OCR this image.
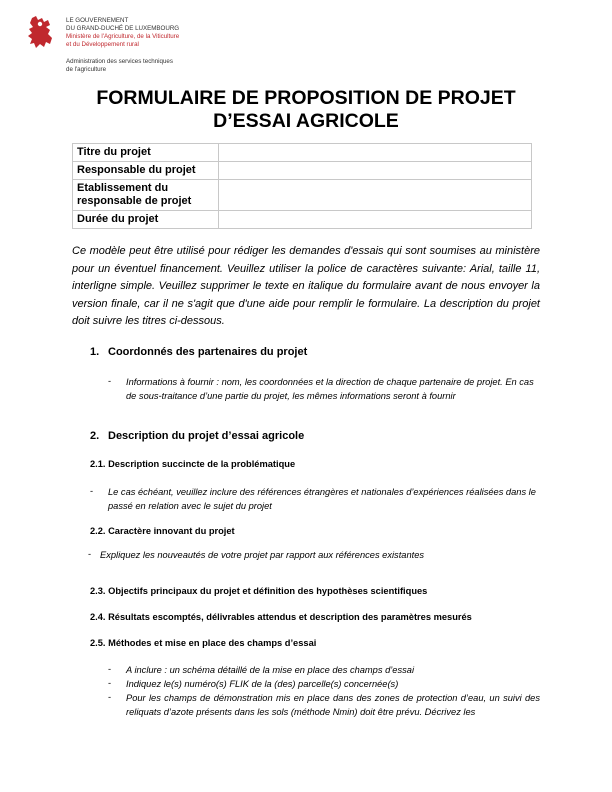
LE GOUVERNEMENT
DU GRAND-DUCHÉ DE LUXEMBOURG
Ministère de l'Agriculture, de la Viticulture
et du Développement rural
Administration des services techniques
de l'agriculture
FORMULAIRE DE PROPOSITION DE PROJET
D’ESSAI AGRICOLE
Titre du projet	
Responsable du projet	
Etablissement du responsable de projet	
Durée du projet	
Ce modèle peut être utilisé pour rédiger les demandes d'essais qui sont soumises au ministère pour un éventuel financement. Veuillez utiliser la police de caractères suivante: Arial, taille 11, interligne simple. Veuillez supprimer le texte en italique du formulaire avant de nous envoyer la version finale, car il ne s'agit que d'une aide pour remplir le formulaire. La description du projet doit suivre les titres ci-dessous.
1. Coordonnés des partenaires du projet
- Informations à fournir : nom, les coordonnées et la direction de chaque partenaire de projet. En cas de sous-traitance d’une partie du projet, les mêmes informations seront à fournir
2. Description du projet d’essai agricole
2.1. Description succincte de la problématique
- Le cas échéant, veuillez inclure des références étrangères et nationales d’expériences réalisées dans le passé en relation avec le sujet du projet
2.2. Caractère innovant du projet
- Expliquez les nouveautés de votre projet par rapport aux références existantes
2.3. Objectifs principaux du projet et définition des hypothèses scientifiques
2.4. Résultats escomptés, délivrables attendus et description des paramètres mesurés
2.5. Méthodes et mise en place des champs d’essai
- A inclure : un schéma détaillé de la mise en place des champs d’essai
- Indiquez le(s) numéro(s) FLIK de la (des) parcelle(s) concernée(s)
- Pour les champs de démonstration mis en place dans des zones de protection d’eau, un suivi des reliquats d’azote présents dans les sols (méthode Nmin) doit être prévu. Décrivez les
